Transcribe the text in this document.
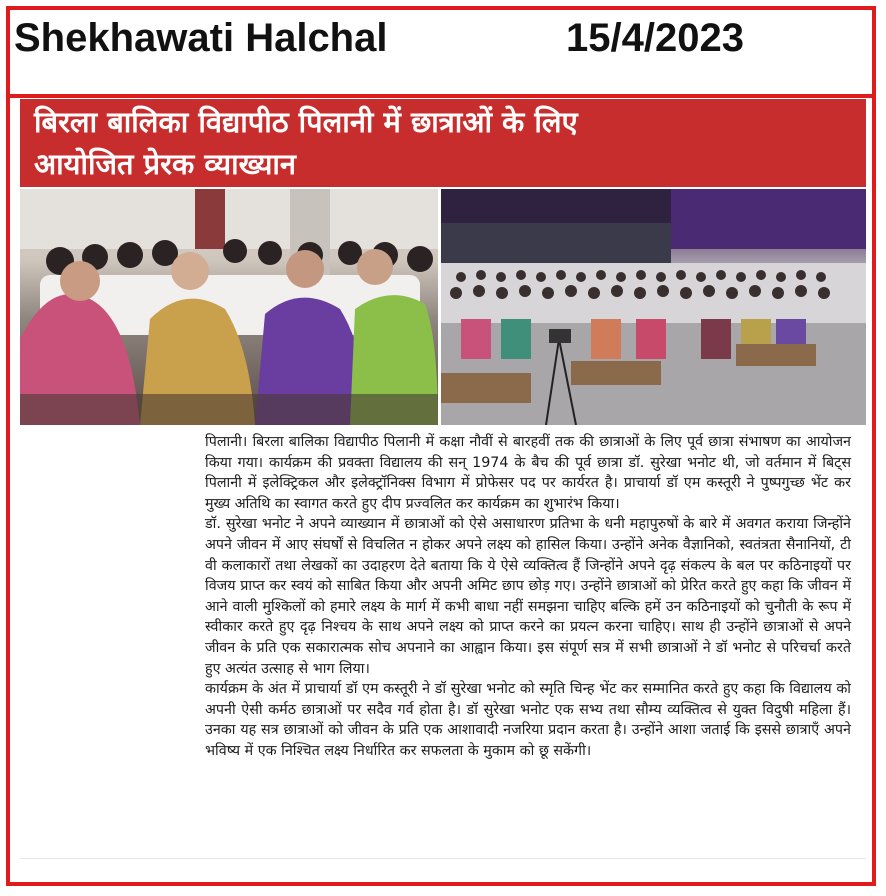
Shekhawati Halchal	15/4/2023
बिरला बालिका विद्यापीठ पिलानी में छात्राओं के लिए
आयोजित प्रेरक व्याख्यान

पिलानी। बिरला बालिका विद्यापीठ पिलानी में कक्षा नौवीं से बारहवीं तक की छात्राओं के लिए पूर्व छात्रा संभाषण का आयोजन किया गया। कार्यक्रम की प्रवक्ता विद्यालय की सन् 1974 के बैच की पूर्व छात्रा डॉ. सुरेखा भनोट थी, जो वर्तमान में बिट्स पिलानी में इलेक्ट्रिकल और इलेक्ट्रॉनिक्स विभाग में प्रोफेसर पद पर कार्यरत है। प्राचार्या डॉ एम कस्तूरी ने पुष्पगुच्छ भेंट कर मुख्य अतिथि का स्वागत करते हुए दीप प्रज्वलित कर कार्यक्रम का शुभारंभ किया।

डॉ. सुरेखा भनोट ने अपने व्याख्यान में छात्राओं को ऐसे असाधारण प्रतिभा के धनी महापुरुषों के बारे में अवगत कराया जिन्होंने अपने जीवन में आए संघर्षों से विचलित न होकर अपने लक्ष्य को हासिल किया। उन्होंने अनेक वैज्ञानिको, स्वतंत्रता सैनानियों, टी वी कलाकारों तथा लेखकों का उदाहरण देते बताया कि ये ऐसे व्यक्तित्व हैं जिन्होंने अपने दृढ़ संकल्प के बल पर कठिनाइयों पर विजय प्राप्त कर स्वयं को साबित किया और अपनी अमिट छाप छोड़ गए। उन्होंने छात्राओं को प्रेरित करते हुए कहा कि जीवन में आने वाली मुश्किलों को हमारे लक्ष्य के मार्ग में कभी बाधा नहीं समझना चाहिए बल्कि हमें उन कठिनाइयों को चुनौती के रूप में स्वीकार करते हुए दृढ़ निश्चय के साथ अपने लक्ष्य को प्राप्त करने का प्रयत्न करना चाहिए। साथ ही उन्होंने छात्राओं से अपने जीवन के प्रति एक सकारात्मक सोच अपनाने का आह्वान किया। इस संपूर्ण सत्र में सभी छात्राओं ने डॉ भनोट से परिचर्चा करते हुए अत्यंत उत्साह से भाग लिया।

कार्यक्रम के अंत में प्राचार्या डॉ एम कस्तूरी ने डॉ सुरेखा भनोट को स्मृति चिन्ह भेंट कर सम्मानित करते हुए कहा कि विद्यालय को अपनी ऐसी कर्मठ छात्राओं पर सदैव गर्व होता है। डॉ सुरेखा भनोट एक सभ्य तथा सौम्य व्यक्तित्व से युक्त विदुषी महिला हैं। उनका यह सत्र छात्राओं को जीवन के प्रति एक आशावादी नजरिया प्रदान करता है। उन्होंने आशा जताई कि इससे छात्राएँ अपने भविष्य में एक निश्चित लक्ष्य निर्धारित कर सफलता के मुकाम को छू सकेंगी।
